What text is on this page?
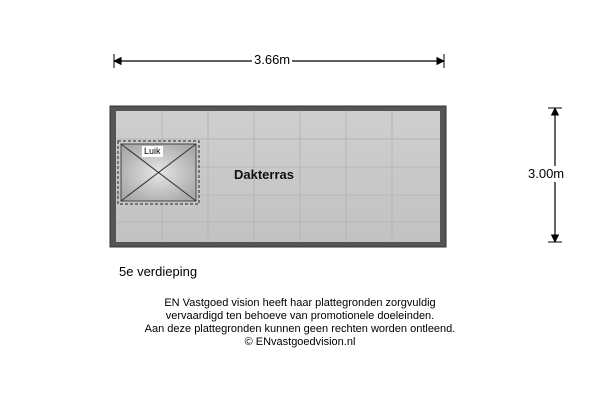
3.66m
3.00m
Dakterras
Luik
5e verdieping
EN Vastgoed vision heeft haar plattegronden zorgvuldig
vervaardigd ten behoeve van promotionele doeleinden.
Aan deze plattegronden kunnen geen rechten worden ontleend.
© ENvastgoedvision.nl
